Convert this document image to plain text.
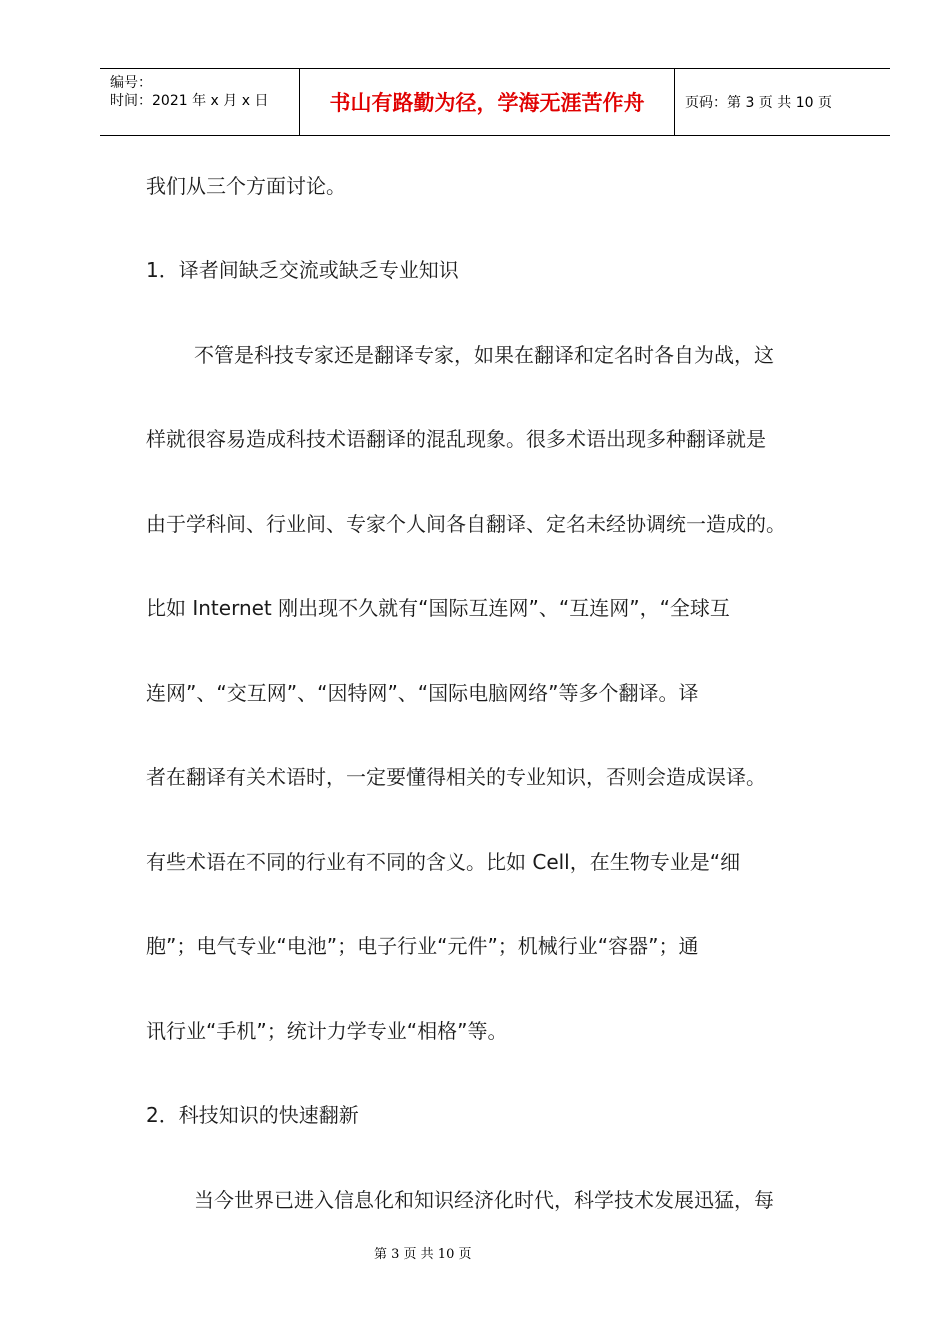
编号：
时间：2021 年 x 月 x 日	书山有路勤为径，学海无涯苦作舟	页码：第 3 页 共 10 页
我们从三个方面讨论。
1．译者间缺乏交流或缺乏专业知识
不管是科技专家还是翻译专家，如果在翻译和定名时各自为战，这
样就很容易造成科技术语翻译的混乱现象。很多术语出现多种翻译就是
由于学科间、行业间、专家个人间各自翻译、定名未经协调统一造成的。
比如 Internet 刚出现不久就有“国际互连网”、“互连网”，“全球互
连网”、“交互网”、“因特网”、“国际电脑网络”等多个翻译。译
者在翻译有关术语时，一定要懂得相关的专业知识，否则会造成误译。
有些术语在不同的行业有不同的含义。比如 Cell，在生物专业是“细
胞”；电气专业“电池”；电子行业“元件”；机械行业“容器”；通
讯行业“手机”；统计力学专业“相格”等。
2．科技知识的快速翻新
当今世界已进入信息化和知识经济化时代，科学技术发展迅猛，每
第 3 页 共 10 页
